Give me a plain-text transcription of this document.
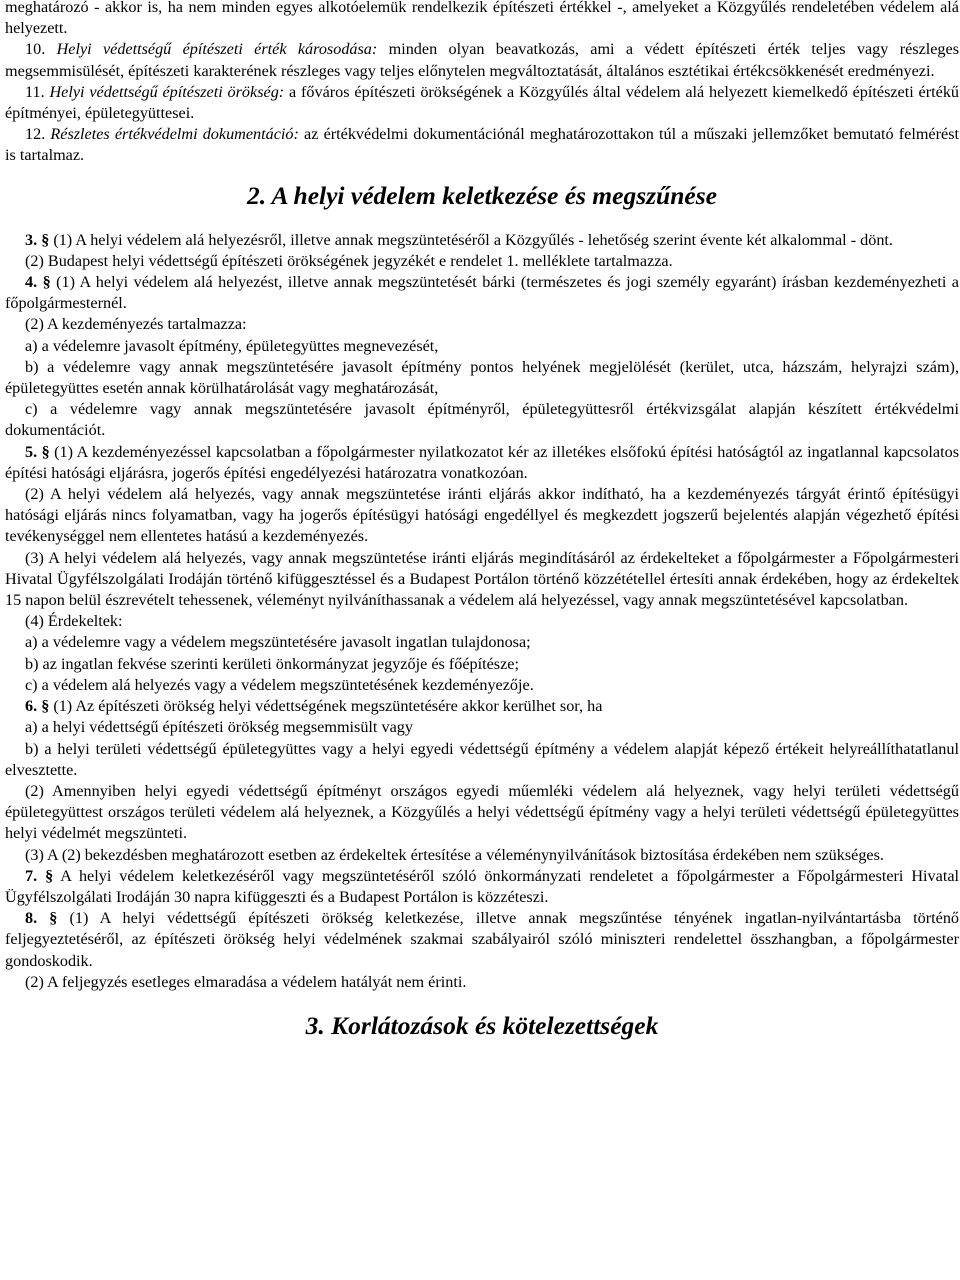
meghatározó - akkor is, ha nem minden egyes alkotóelemük rendelkezik építészeti értékkel -, amelyeket a Közgyűlés rendeletében védelem alá helyezett.

10. Helyi védettségű építészeti érték károsodása: minden olyan beavatkozás, ami a védett építészeti érték teljes vagy részleges megsemmisülését, építészeti karakterének részleges vagy teljes előnytelen megváltoztatását, általános esztétikai értékcsökkenését eredményezi.

11. Helyi védettségű építészeti örökség: a főváros építészeti örökségének a Közgyűlés által védelem alá helyezett kiemelkedő építészeti értékű építményei, épületegyüttesei.

12. Részletes értékvédelmi dokumentáció: az értékvédelmi dokumentációnál meghatározottakon túl a műszaki jellemzőket bemutató felmérést is tartalmaz.

2. A helyi védelem keletkezése és megszűnése

3. § (1) A helyi védelem alá helyezésről, illetve annak megszüntetéséről a Közgyűlés - lehetőség szerint évente két alkalommal - dönt.

(2) Budapest helyi védettségű építészeti örökségének jegyzékét e rendelet 1. melléklete tartalmazza.

4. § (1) A helyi védelem alá helyezést, illetve annak megszüntetését bárki (természetes és jogi személy egyaránt) írásban kezdeményezheti a főpolgármesternél.

(2) A kezdeményezés tartalmazza:

a) a védelemre javasolt építmény, épületegyüttes megnevezését,

b) a védelemre vagy annak megszüntetésére javasolt építmény pontos helyének megjelölését (kerület, utca, házszám, helyrajzi szám), épületegyüttes esetén annak körülhatárolását vagy meghatározását,

c) a védelemre vagy annak megszüntetésére javasolt építményről, épületegyüttesről értékvizsgálat alapján készített értékvédelmi dokumentációt.

5. § (1) A kezdeményezéssel kapcsolatban a főpolgármester nyilatkozatot kér az illetékes elsőfokú építési hatóságtól az ingatlannal kapcsolatos építési hatósági eljárásra, jogerős építési engedélyezési határozatra vonatkozóan.

(2) A helyi védelem alá helyezés, vagy annak megszüntetése iránti eljárás akkor indítható, ha a kezdeményezés tárgyát érintő építésügyi hatósági eljárás nincs folyamatban, vagy ha jogerős építésügyi hatósági engedéllyel és megkezdett jogszerű bejelentés alapján végezhető építési tevékenységgel nem ellentetes hatású a kezdeményezés.

(3) A helyi védelem alá helyezés, vagy annak megszüntetése iránti eljárás megindításáról az érdekelteket a főpolgármester a Főpolgármesteri Hivatal Ügyfélszolgálati Irodáján történő kifüggesztéssel és a Budapest Portálon történő közzététellel értesíti annak érdekében, hogy az érdekeltek 15 napon belül észrevételt tehessenek, véleményt nyilváníthassanak a védelem alá helyezéssel, vagy annak megszüntetésével kapcsolatban.

(4) Érdekeltek:

a) a védelemre vagy a védelem megszüntetésére javasolt ingatlan tulajdonosa;

b) az ingatlan fekvése szerinti kerületi önkormányzat jegyzője és főépítésze;

c) a védelem alá helyezés vagy a védelem megszüntetésének kezdeményezője.

6. § (1) Az építészeti örökség helyi védettségének megszüntetésére akkor kerülhet sor, ha

a) a helyi védettségű építészeti örökség megsemmisült vagy

b) a helyi területi védettségű épületegyüttes vagy a helyi egyedi védettségű építmény a védelem alapját képező értékeit helyreállíthatatlanul elvesztette.

(2) Amennyiben helyi egyedi védettségű építményt országos egyedi műemléki védelem alá helyeznek, vagy helyi területi védettségű épületegyüttest országos területi védelem alá helyeznek, a Közgyűlés a helyi védettségű építmény vagy a helyi területi védettségű épületegyüttes helyi védelmét megszünteti.

(3) A (2) bekezdésben meghatározott esetben az érdekeltek értesítése a véleménynyilvánítások biztosítása érdekében nem szükséges.

7. § A helyi védelem keletkezéséről vagy megszüntetéséről szóló önkormányzati rendeletet a főpolgármester a Főpolgármesteri Hivatal Ügyfélszolgálati Irodáján 30 napra kifüggeszti és a Budapest Portálon is közzéteszi.

8. § (1) A helyi védettségű építészeti örökség keletkezése, illetve annak megszűntése tényének ingatlan-nyilvántartásba történő feljegyeztetéséről, az építészeti örökség helyi védelmének szakmai szabályairól szóló miniszteri rendelettel összhangban, a főpolgármester gondoskodik.

(2) A feljegyzés esetleges elmaradása a védelem hatályát nem érinti.

3. Korlátozások és kötelezettségek
